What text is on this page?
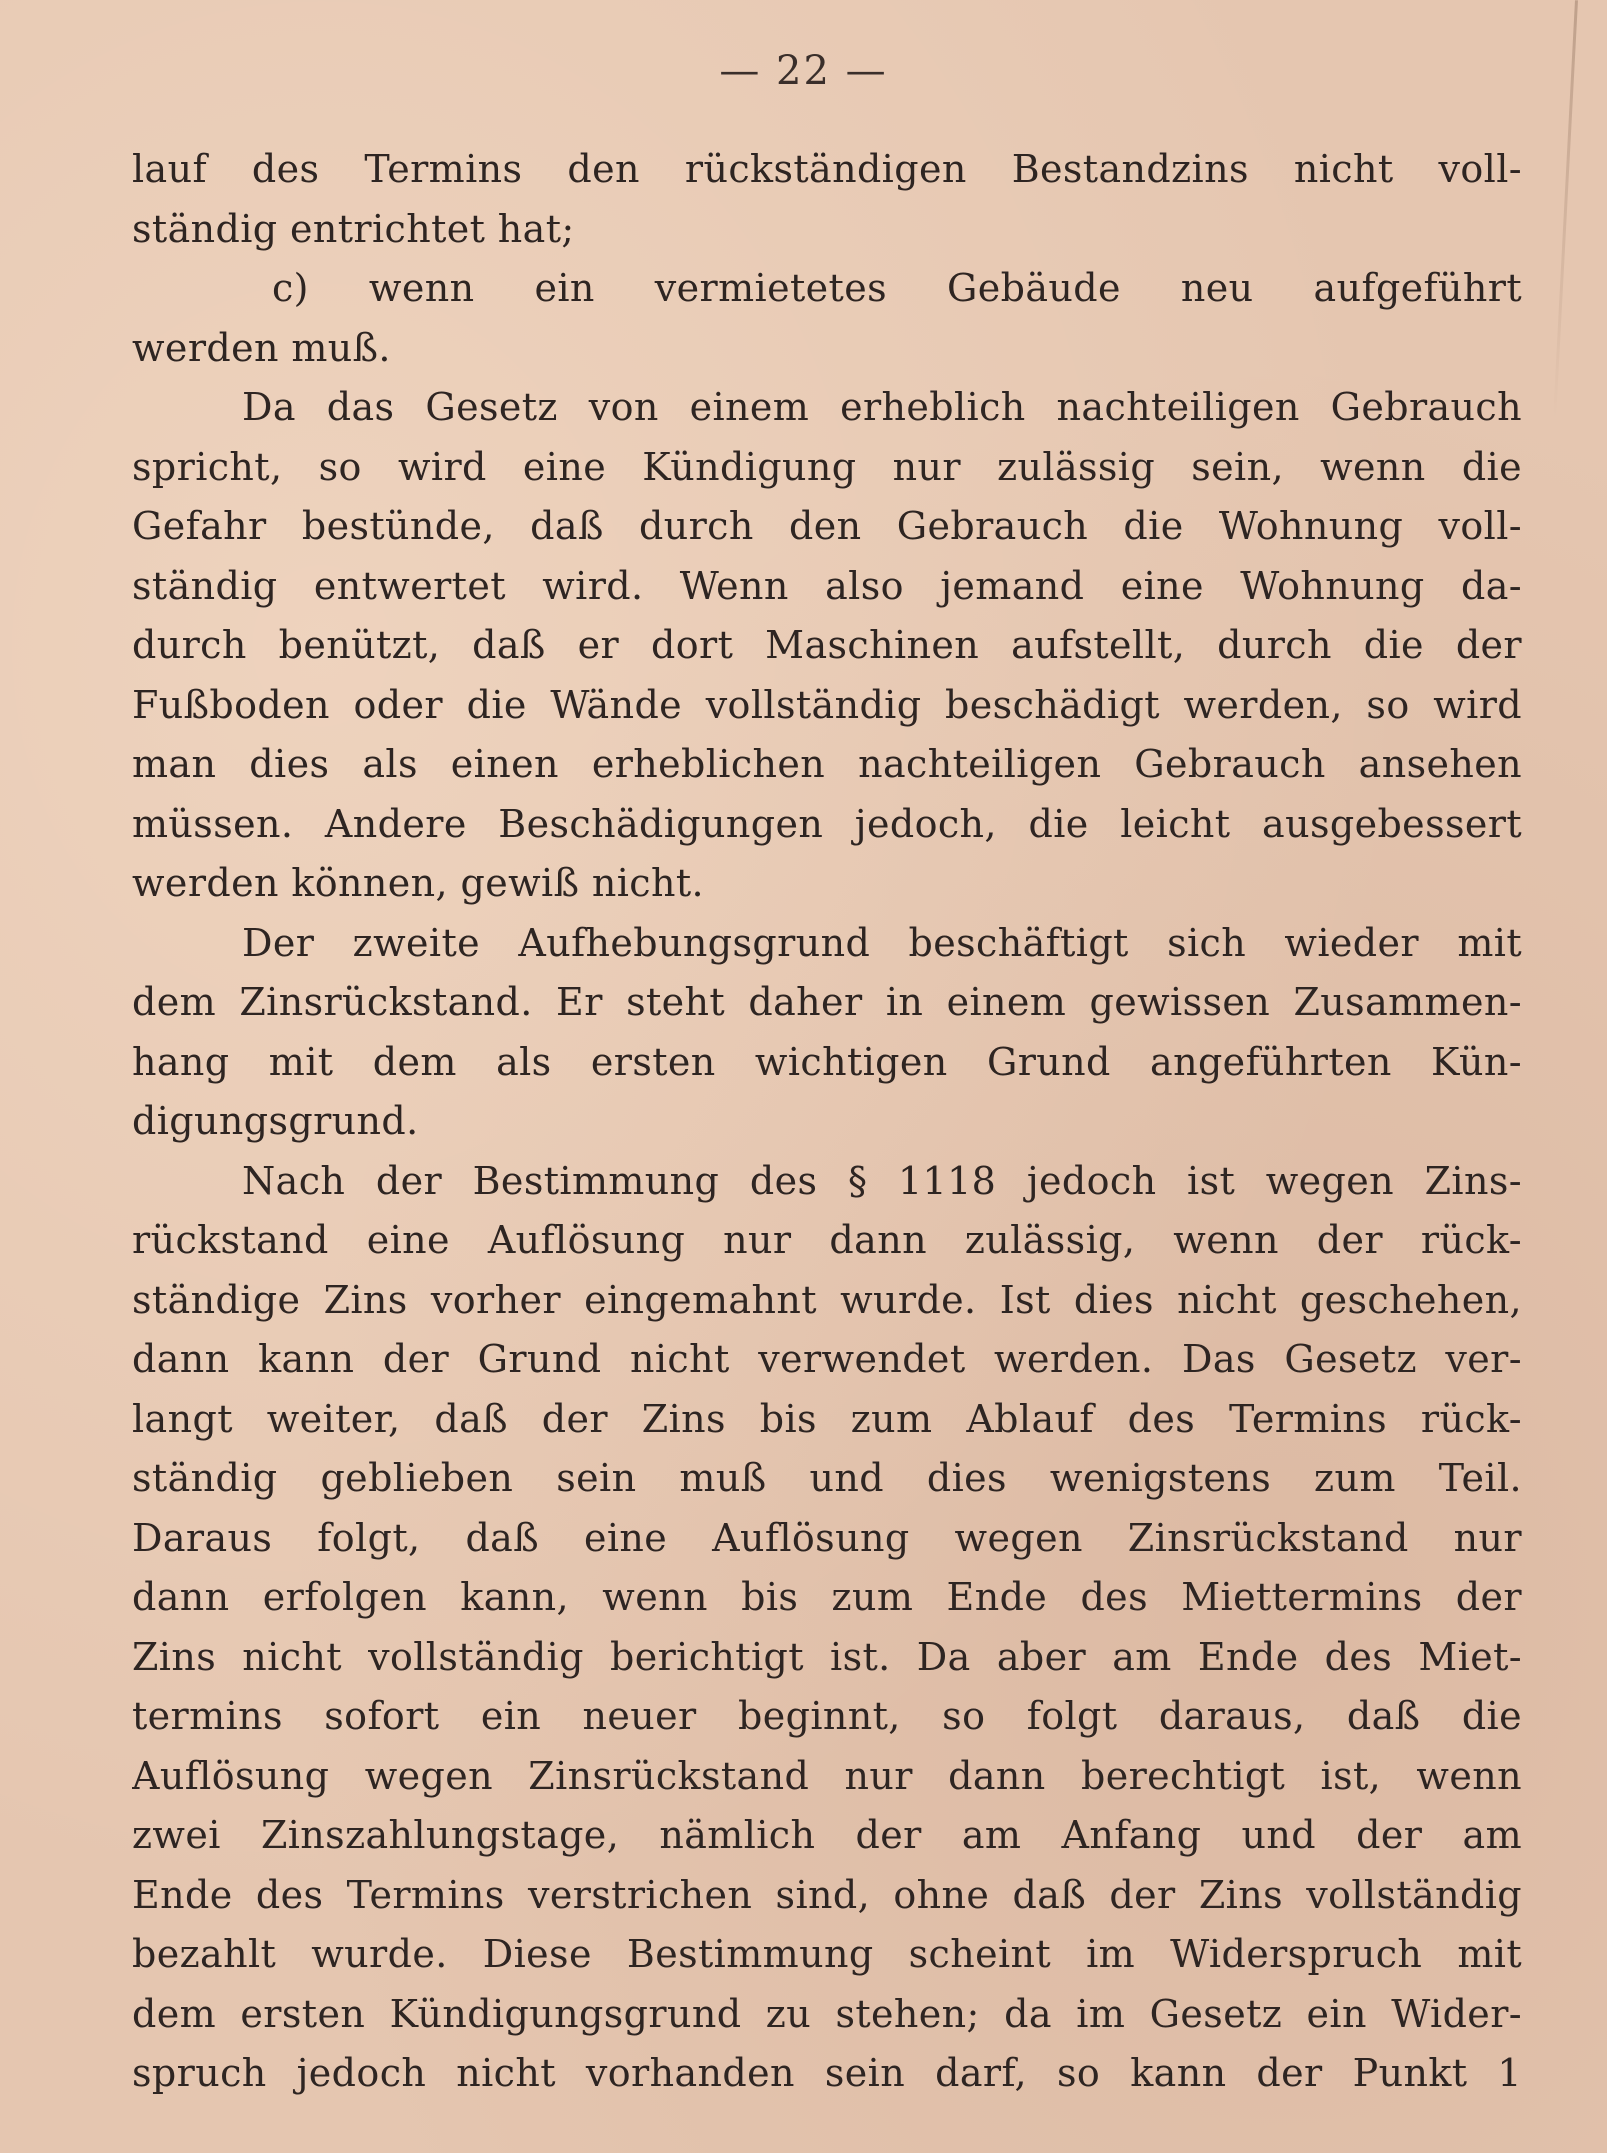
— 22 —
lauf des Termins den rückständigen Bestandzins nicht voll-
ständig entrichtet hat;
c) wenn ein vermietetes Gebäude neu aufgeführt
werden muß.
Da das Gesetz von einem erheblich nachteiligen Gebrauch
spricht, so wird eine Kündigung nur zulässig sein, wenn die
Gefahr bestünde, daß durch den Gebrauch die Wohnung voll-
ständig entwertet wird. Wenn also jemand eine Wohnung da-
durch benützt, daß er dort Maschinen aufstellt, durch die der
Fußboden oder die Wände vollständig beschädigt werden, so wird
man dies als einen erheblichen nachteiligen Gebrauch ansehen
müssen. Andere Beschädigungen jedoch, die leicht ausgebessert
werden können, gewiß nicht.
Der zweite Aufhebungsgrund beschäftigt sich wieder mit
dem Zinsrückstand. Er steht daher in einem gewissen Zusammen-
hang mit dem als ersten wichtigen Grund angeführten Kün-
digungsgrund.
Nach der Bestimmung des § 1118 jedoch ist wegen Zins-
rückstand eine Auflösung nur dann zulässig, wenn der rück-
ständige Zins vorher eingemahnt wurde. Ist dies nicht geschehen,
dann kann der Grund nicht verwendet werden. Das Gesetz ver-
langt weiter, daß der Zins bis zum Ablauf des Termins rück-
ständig geblieben sein muß und dies wenigstens zum Teil.
Daraus folgt, daß eine Auflösung wegen Zinsrückstand nur
dann erfolgen kann, wenn bis zum Ende des Miettermins der
Zins nicht vollständig berichtigt ist. Da aber am Ende des Miet-
termins sofort ein neuer beginnt, so folgt daraus, daß die
Auflösung wegen Zinsrückstand nur dann berechtigt ist, wenn
zwei Zinszahlungstage, nämlich der am Anfang und der am
Ende des Termins verstrichen sind, ohne daß der Zins vollständig
bezahlt wurde. Diese Bestimmung scheint im Widerspruch mit
dem ersten Kündigungsgrund zu stehen; da im Gesetz ein Wider-
spruch jedoch nicht vorhanden sein darf, so kann der Punkt 1
